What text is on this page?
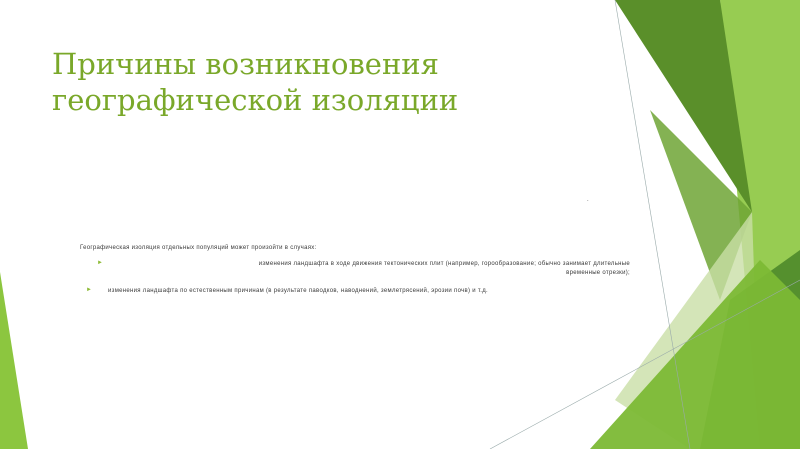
Причины возникновения
географической изоляции
.
Географическая изоляция отдельных популяций может произойти в случаях:
►	изменения ландшафта в ходе движения тектонических плит (например, горообразование; обычно занимает длительные
временные отрезки);
►	изменения ландшафта по естественным причинам (в результате паводков, наводнений, землетрясений, эрозии почв) и т.д.
